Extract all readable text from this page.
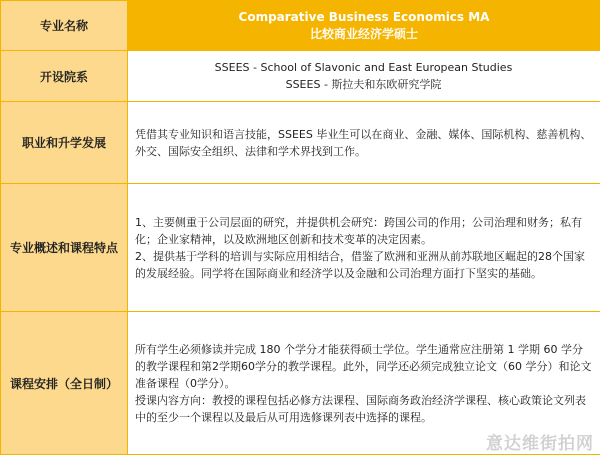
专业名称	Comparative Business Economics MA
比较商业经济学硕士

开设院系	SSEES - School of Slavonic and East European Studies
SSEES - 斯拉夫和东欧研究学院

职业和升学发展	凭借其专业知识和语言技能，SSEES 毕业生可以在商业、金融、媒体、国际机构、慈善机构、外交、国际安全组织、法律和学术界找到工作。
专业概述和课程特点	1、主要侧重于公司层面的研究，并提供机会研究：跨国公司的作用；公司治理和财务；私有化；企业家精神，以及欧洲地区创新和技术变革的决定因素。
2、提供基于学科的培训与实际应用相结合，借鉴了欧洲和亚洲从前苏联地区崛起的28个国家的发展经验。同学将在国际商业和经济学以及金融和公司治理方面打下坚实的基础。

课程安排（全日制）	所有学生必须修读并完成 180 个学分才能获得硕士学位。学生通常应注册第 1 学期 60 学分的教学课程和第2学期60学分的教学课程。此外，同学还必须完成独立论文（60 学分）和论文准备课程（0学分）。
授课内容方向：教授的课程包括必修方法课程、国际商务政治经济学课程、核心政策论文列表中的至少一个课程以及最后从可用选修课列表中选择的课程。
意达维街拍网
